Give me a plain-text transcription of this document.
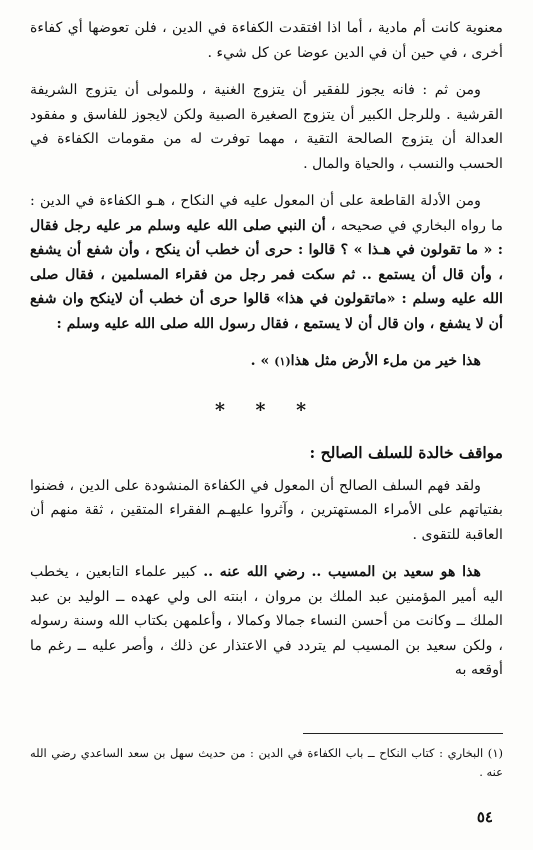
معنوية كانت أم مادية ، أما اذا افتقدت الكفاءة في الدين ، فلن تعوضها أي كفاءة أخرى ، في حين أن في الدين عوضا عن كل شيء .

ومن ثم : فانه يجوز للفقير أن يتزوج الغنية ، وللمولى أن يتزوج الشريفة القرشية . وللرجل الكبير أن يتزوج الصغيرة الصبية ولكن لايجوز للفاسق و مفقود العدالة أن يتزوج الصالحة التقية ، مهما توفرت له من مقومات الكفاءة في الحسب والنسب ، والحياة والمال .

ومن الأدلة القاطعة على أن المعول عليه في النكاح ، هـو الكفاءة في الدين : ما رواه البخاري في صحيحه ، أن النبي صلى الله عليه وسلم مر عليه رجل فقال : « ما تقولون في هـذا » ؟ قالوا : حرى أن خطب أن ينكح ، وأن شفع أن يشفع ، وأن قال أن يستمع .. ثم سكت فمر رجل من فقراء المسلمين ، فقال صلى الله عليه وسلم : «ماتقولون في هذا» قالوا حرى أن خطب أن لاينكح وان شفع أن لا يشفع ، وان قال أن لا يستمع ، فقال رسول الله صلى الله عليه وسلم :

هذا خير من ملء الأرض مثل هذا(١) » .

* * *
مواقف خالدة للسلف الصالح :

ولقد فهم السلف الصالح أن المعول في الكفاءة المنشودة على الدين ، فضنوا بفتياتهم على الأمراء المستهترين ، وآثروا عليهـم الفقراء المتقين ، ثقة منهم أن العاقبة للتقوى .

هذا هو سعيد بن المسيب .. رضي الله عنه .. كبير علماء التابعين ، يخطب اليه أمير المؤمنين عبد الملك بن مروان ، ابنته الى ولي عهده ــ الوليد بن عبد الملك ــ وكانت من أحسن النساء جمالا وكمالا ، وأعلمهن بكتاب الله وسنة رسوله ، ولكن سعيد بن المسيب لم يتردد في الاعتذار عن ذلك ، وأصر عليه ــ رغم ما أوقعه به

(١) البخاري : كتاب النكاح ــ باب الكفاءة في الدين : من حديث سهل بن سعد الساعدي رضي الله عنه .
٥٤
